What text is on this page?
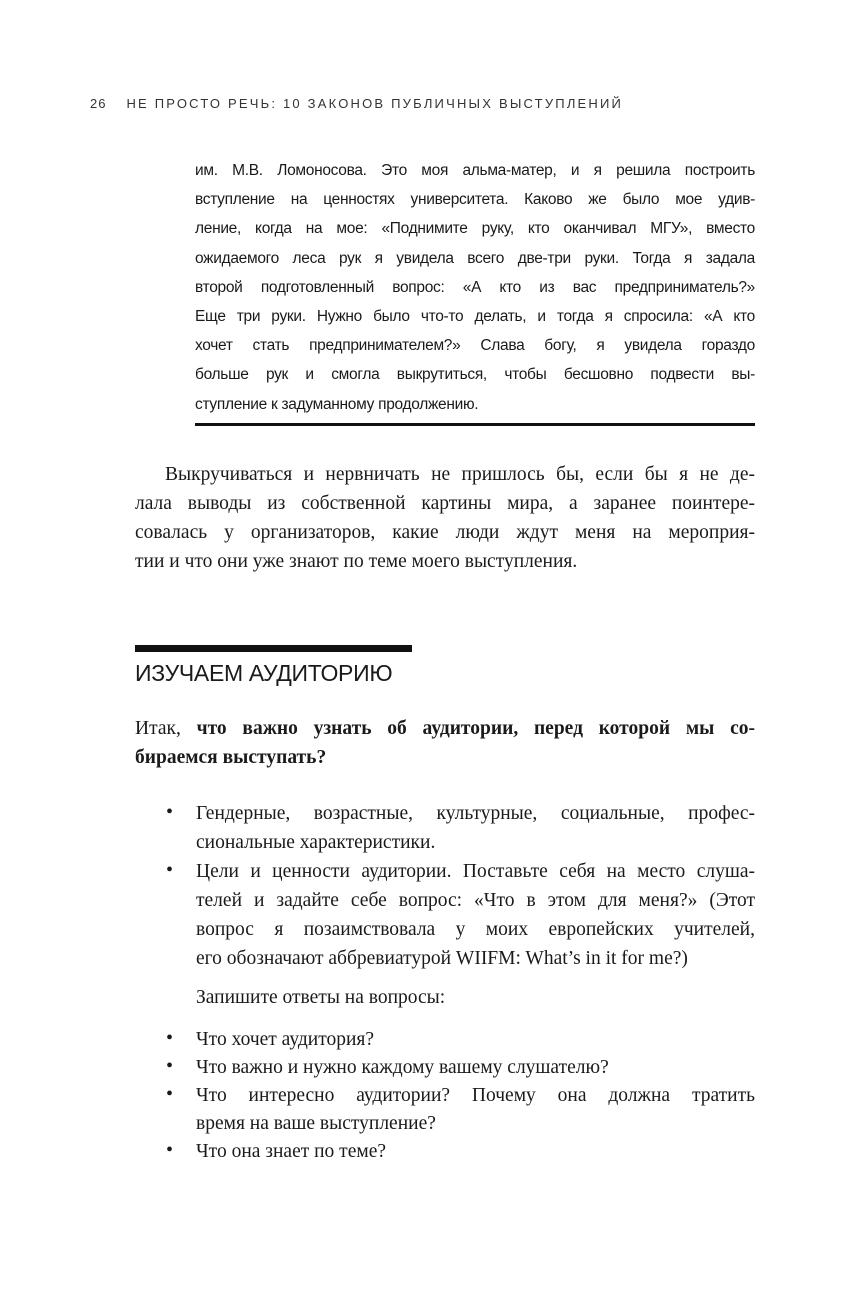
26 НЕ ПРОСТО РЕЧЬ: 10 ЗАКОНОВ ПУБЛИЧНЫХ ВЫСТУПЛЕНИЙ
им. М.В. Ломоносова. Это моя альма-матер, и я решила построить
вступление на ценностях университета. Каково же было мое удив-
ление, когда на мое: «Поднимите руку, кто оканчивал МГУ», вместо
ожидаемого леса рук я увидела всего две-три руки. Тогда я задала
второй подготовленный вопрос: «А кто из вас предприниматель?»
Еще три руки. Нужно было что-то делать, и тогда я спросила: «А кто
хочет стать предпринимателем?» Слава богу, я увидела гораздо
больше рук и смогла выкрутиться, чтобы бесшовно подвести вы-
ступление к задуманному продолжению.
Выкручиваться и нервничать не пришлось бы, если бы я не де-
лала выводы из собственной картины мира, а заранее поинтере-
совалась у организаторов, какие люди ждут меня на мероприя-
тии и что они уже знают по теме моего выступления.
ИЗУЧАЕМ АУДИТОРИЮ
Итак, что важно узнать об аудитории, перед которой мы со-
бираемся выступать?
• Гендерные, возрастные, культурные, социальные, профес-
сиональные характеристики.
• Цели и ценности аудитории. Поставьте себя на место слуша-
телей и задайте себе вопрос: «Что в этом для меня?» (Этот
вопрос я позаимствовала у моих европейских учителей,
его обозначают аббревиатурой WIIFM: What’s in it for me?)
Запишите ответы на вопросы:
• Что хочет аудитория?
• Что важно и нужно каждому вашему слушателю?
• Что интересно аудитории? Почему она должна тратить
время на ваше выступление?
• Что она знает по теме?
